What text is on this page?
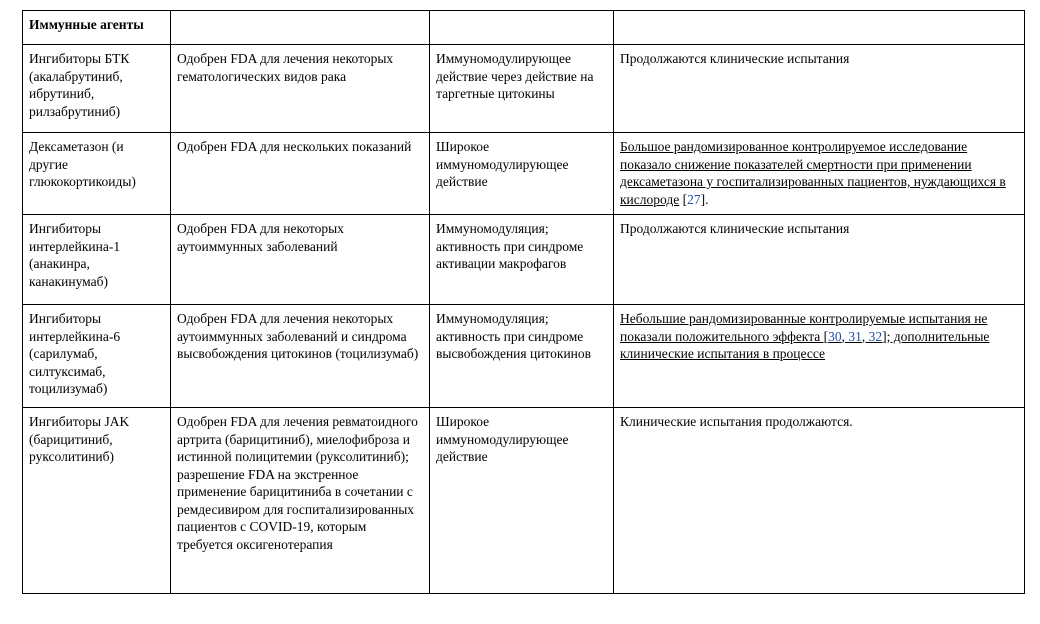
Иммунные агенты			
Ингибиторы БТК (акалабрутиниб, ибрутиниб, рилзабрутиниб)	Одобрен FDA для лечения некоторых гематологических видов рака	Иммуномодулирующее действие через действие на таргетные цитокины	Продолжаются клинические испытания
Дексаметазон (и другие глюкокортикоиды)	Одобрен FDA для нескольких показаний	Широкое иммуномодулирующее действие	Большое рандомизированное контролируемое исследование показало снижение показателей смертности при применении дексаметазона у госпитализированных пациентов, нуждающихся в кислороде [27].
Ингибиторы интерлейкина-1 (анакинра, канакинумаб)	Одобрен FDA для некоторых аутоиммунных заболеваний	Иммуномодуляция; активность при синдроме активации макрофагов	Продолжаются клинические испытания
Ингибиторы интерлейкина-6 (сарилумаб, силтуксимаб, тоцилизумаб)	Одобрен FDA для лечения некоторых аутоиммунных заболеваний и синдрома высвобождения цитокинов (тоцилизумаб)	Иммуномодуляция; активность при синдроме высвобождения цитокинов	Небольшие рандомизированные контролируемые испытания не показали положительного эффекта [30, 31, 32]; дополнительные клинические испытания в процессе
Ингибиторы JAK (барицитиниб, руксолитиниб)	Одобрен FDA для лечения ревматоидного артрита (барицитиниб), миелофиброза и истинной полицитемии (руксолитиниб); разрешение FDA на экстренное применение барицитиниба в сочетании с ремдесивиром для госпитализированных пациентов с COVID-19, которым требуется оксигенотерапия	Широкое иммуномодулирующее действие	Клинические испытания продолжаются.
